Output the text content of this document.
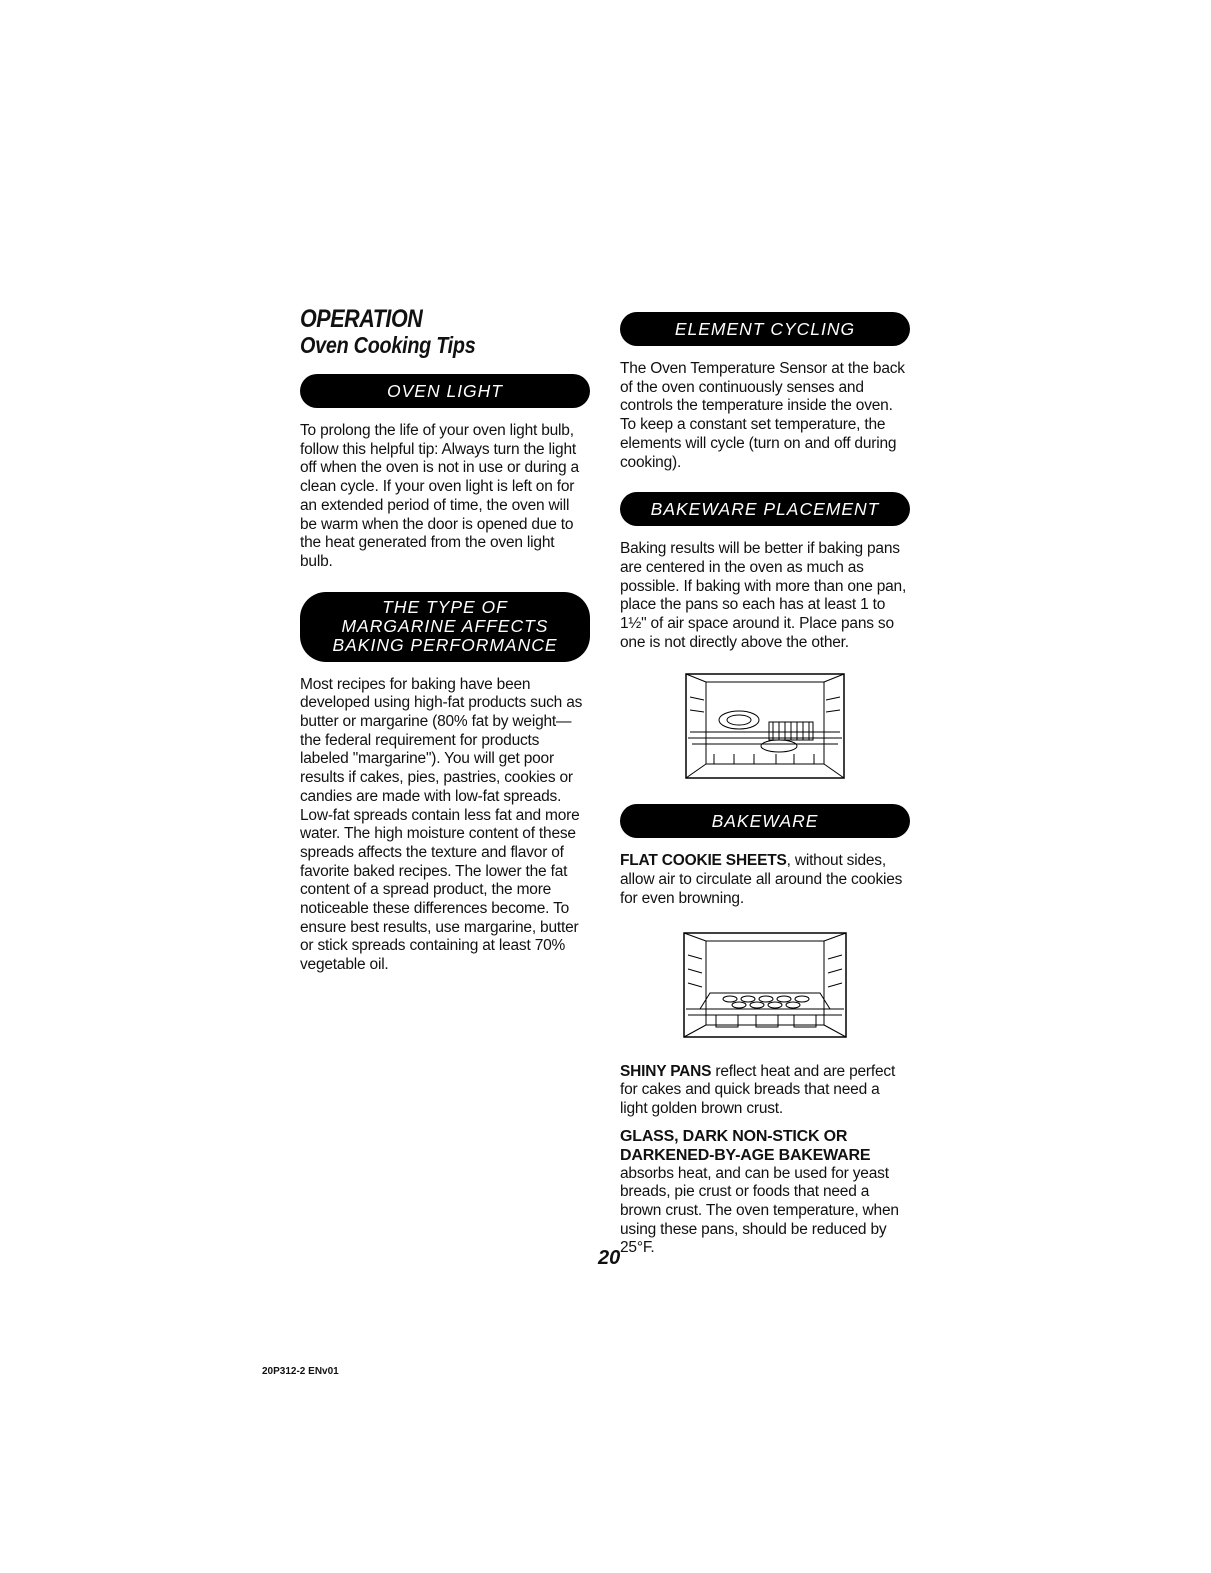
OPERATION
Oven Cooking Tips
OVEN LIGHT

To prolong the life of your oven light bulb, follow this helpful tip: Always turn the light off when the oven is not in use or during a clean cycle. If your oven light is left on for an extended period of time, the oven will be warm when the door is opened due to the heat generated from the oven light bulb.

THE TYPE OF
MARGARINE AFFECTS
BAKING PERFORMANCE

Most recipes for baking have been developed using high-fat products such as butter or margarine (80% fat by weight—the federal requirement for products labeled "margarine"). You will get poor results if cakes, pies, pastries, cookies or candies are made with low-fat spreads. Low-fat spreads contain less fat and more water. The high moisture content of these spreads affects the texture and flavor of favorite baked recipes. The lower the fat content of a spread product, the more noticeable these differences become. To ensure best results, use margarine, butter or stick spreads containing at least 70% vegetable oil.

ELEMENT CYCLING

The Oven Temperature Sensor at the back of the oven continuously senses and controls the temperature inside the oven. To keep a constant set temperature, the elements will cycle (turn on and off during cooking).

BAKEWARE PLACEMENT

Baking results will be better if baking pans are centered in the oven as much as possible. If baking with more than one pan, place the pans so each has at least 1 to 1½" of air space around it. Place pans so one is not directly above the other.

BAKEWARE

FLAT COOKIE SHEETS, without sides, allow air to circulate all around the cookies for even browning.

SHINY PANS reflect heat and are perfect for cakes and quick breads that need a light golden brown crust.

GLASS, DARK NON-STICK OR DARKENED-BY-AGE BAKEWARE

absorbs heat, and can be used for yeast breads, pie crust or foods that need a brown crust. The oven temperature, when using these pans, should be reduced by 25°F.

20

20P312-2 ENv01
